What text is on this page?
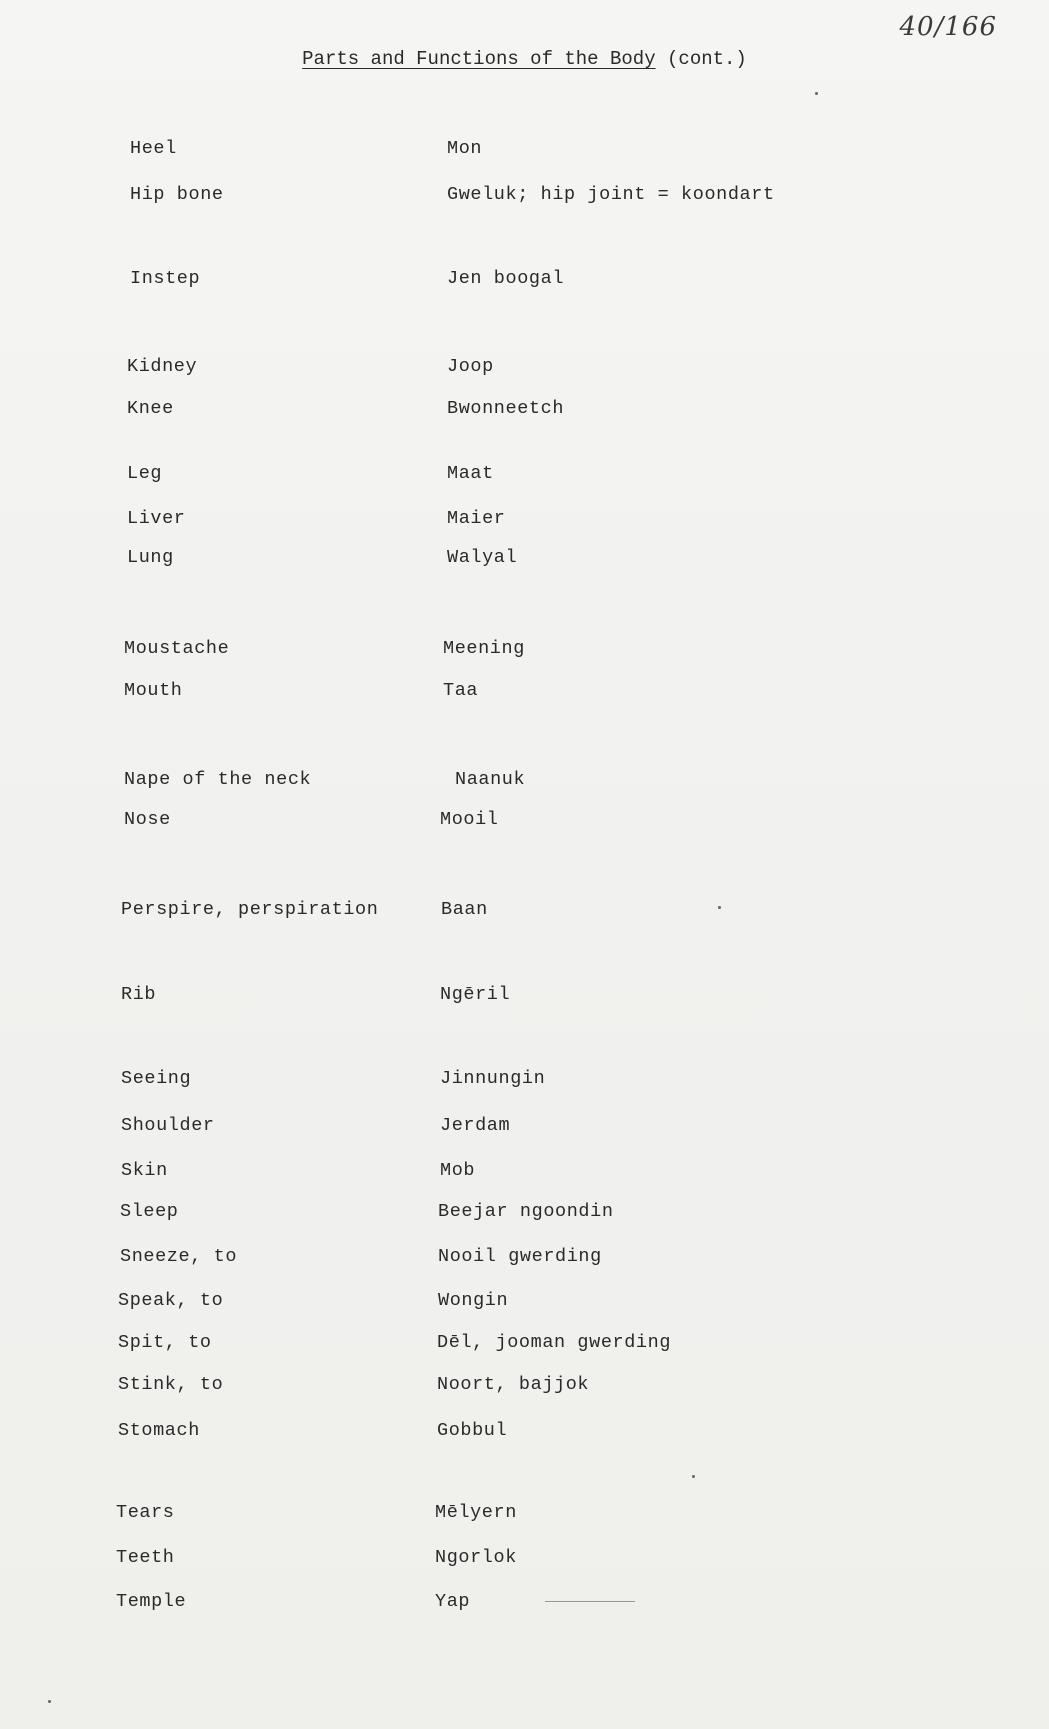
40/166
Parts and Functions of the Body (cont.)
Heel	Mon
Hip bone	Gweluk; hip joint = koondart
Instep	Jen boogal
Kidney	Joop
Knee	Bwonneetch
Leg	Maat
Liver	Maier
Lung	Walyal
Moustache	Meening
Mouth	Taa
Nape of the neck	Naanuk
Nose	Mooil
Perspire, perspiration	Baan
Rib	Ngēril
Seeing	Jinnungin
Shoulder	Jerdam
Skin	Mob
Sleep	Beejar ngoondin
Sneeze, to	Nooil gwerding
Speak, to	Wongin
Spit, to	Dēl, jooman gwerding
Stink, to	Noort, bajjok
Stomach	Gobbul
Tears	Mēlyern
Teeth	Ngorlok
Temple	Yap
